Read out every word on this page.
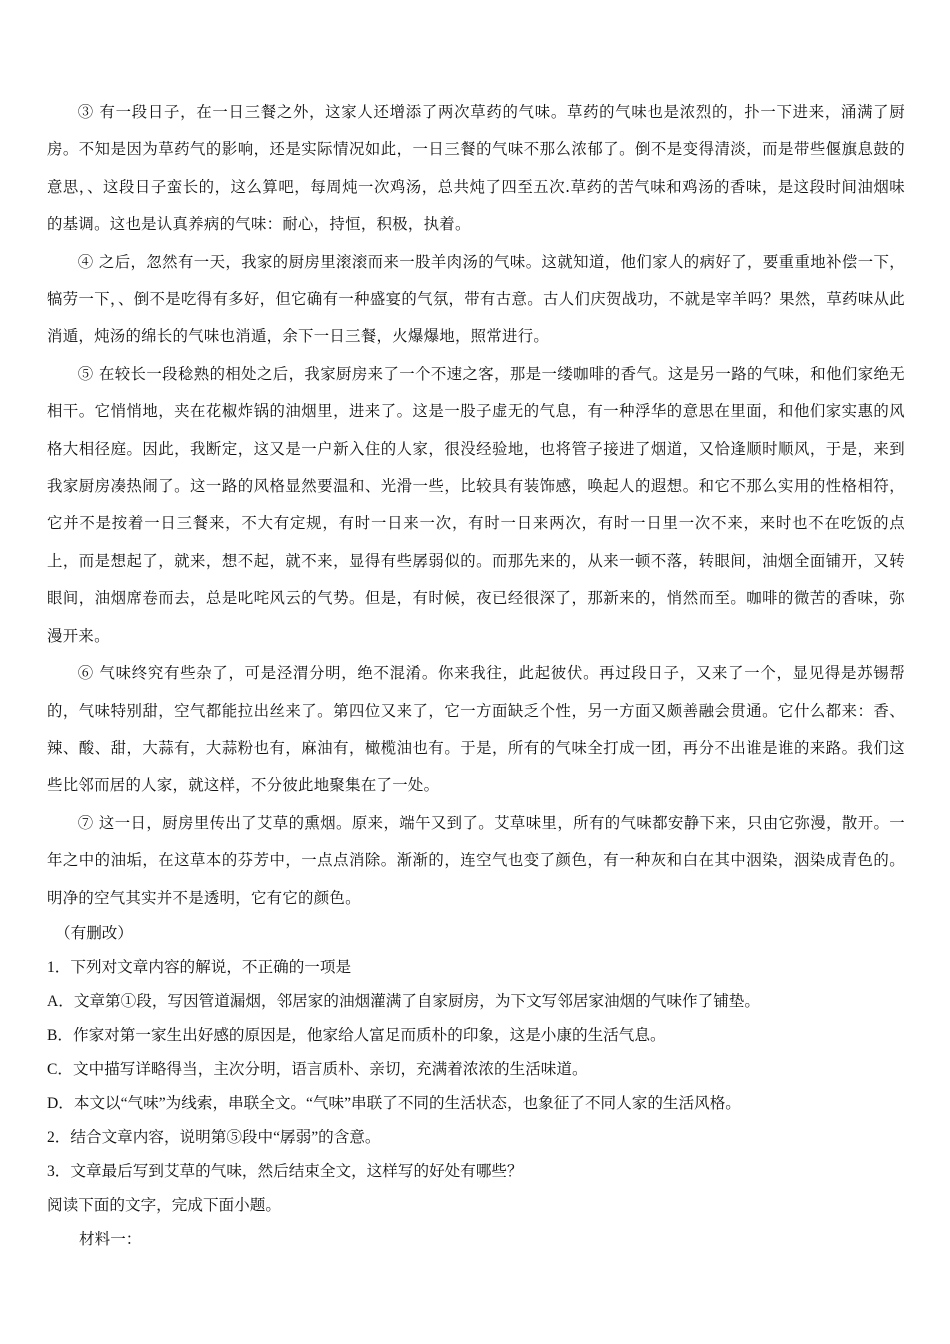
③ 有一段日子，在一日三餐之外，这家人还增添了两次草药的气味。草药的气味也是浓烈的，扑一下进来，涌满了厨房。不知是因为草药气的影响，还是实际情况如此，一日三餐的气味不那么浓郁了。倒不是变得清淡，而是带些偃旗息鼓的意思，、这段日子蛮长的，这么算吧，每周炖一次鸡汤，总共炖了四至五次.草药的苦气味和鸡汤的香味，是这段时间油烟味的基调。这也是认真养病的气味：耐心，持恒，积极，执着。

④ 之后，忽然有一天，我家的厨房里滚滚而来一股羊肉汤的气味。这就知道，他们家人的病好了，要重重地补偿一下，犒劳一下，、倒不是吃得有多好，但它确有一种盛宴的气氛，带有古意。古人们庆贺战功，不就是宰羊吗？果然，草药味从此消遁，炖汤的绵长的气味也消遁，余下一日三餐，火爆爆地，照常进行。

⑤ 在较长一段稔熟的相处之后，我家厨房来了一个不速之客，那是一缕咖啡的香气。这是另一路的气味，和他们家绝无相干。它悄悄地，夹在花椒炸锅的油烟里，进来了。这是一股子虚无的气息，有一种浮华的意思在里面，和他们家实惠的风格大相径庭。因此，我断定，这又是一户新入住的人家，很没经验地，也将管子接进了烟道，又恰逢顺时顺风，于是，来到我家厨房凑热闹了。这一路的风格显然要温和、光滑一些，比较具有装饰感，唤起人的遐想。和它不那么实用的性格相符，它并不是按着一日三餐来，不大有定规，有时一日来一次，有时一日来两次，有时一日里一次不来，来时也不在吃饭的点上，而是想起了，就来，想不起，就不来，显得有些孱弱似的。而那先来的，从来一顿不落，转眼间，油烟全面铺开，又转眼间，油烟席卷而去，总是叱咤风云的气势。但是，有时候，夜已经很深了，那新来的，悄然而至。咖啡的微苦的香味，弥漫开来。

⑥ 气味终究有些杂了，可是泾渭分明，绝不混淆。你来我往，此起彼伏。再过段日子，又来了一个，显见得是苏锡帮的，气味特别甜，空气都能拉出丝来了。第四位又来了，它一方面缺乏个性，另一方面又颇善融会贯通。它什么都来：香、辣、酸、甜，大蒜有，大蒜粉也有，麻油有，橄榄油也有。于是，所有的气味全打成一团，再分不出谁是谁的来路。我们这些比邻而居的人家，就这样，不分彼此地聚集在了一处。

⑦ 这一日，厨房里传出了艾草的熏烟。原来，端午又到了。艾草味里，所有的气味都安静下来，只由它弥漫，散开。一年之中的油垢，在这草本的芬芳中，一点点消除。渐渐的，连空气也变了颜色，有一种灰和白在其中洇染，洇染成青色的。明净的空气其实并不是透明，它有它的颜色。

（有删改）

1．下列对文章内容的解说，不正确的一项是

A．文章第①段，写因管道漏烟，邻居家的油烟灌满了自家厨房，为下文写邻居家油烟的气味作了铺垫。

B．作家对第一家生出好感的原因是，他家给人富足而质朴的印象，这是小康的生活气息。

C．文中描写详略得当，主次分明，语言质朴、亲切，充满着浓浓的生活味道。

D．本文以“气味”为线索，串联全文。“气味”串联了不同的生活状态，也象征了不同人家的生活风格。

2．结合文章内容，说明第⑤段中“孱弱”的含意。

3．文章最后写到艾草的气味，然后结束全文，这样写的好处有哪些？

阅读下面的文字，完成下面小题。

材料一：
